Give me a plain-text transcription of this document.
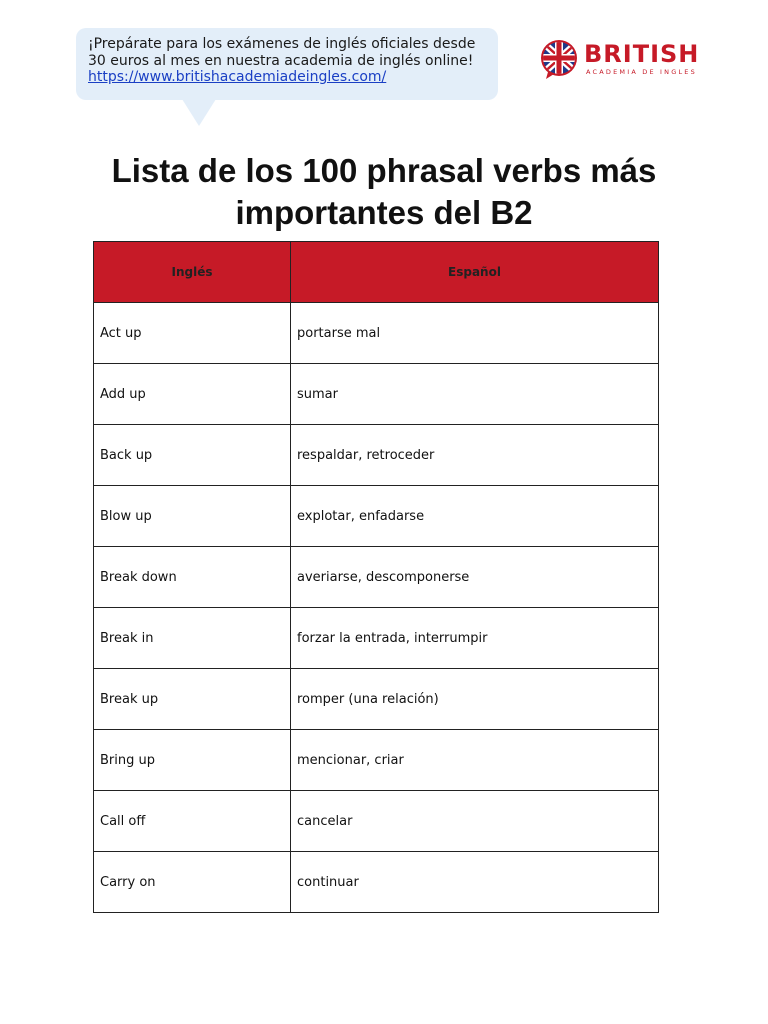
¡Prepárate para los exámenes de inglés oficiales desde
30 euros al mes en nuestra academia de inglés online!
https://www.britishacademiadeingles.com/
BRITISH
ACADEMIA DE INGLES
Lista de los 100 phrasal verbs más
importantes del B2
Inglés	Español
Act up	portarse mal
Add up	sumar
Back up	respaldar, retroceder
Blow up	explotar, enfadarse
Break down	averiarse, descomponerse
Break in	forzar la entrada, interrumpir
Break up	romper (una relación)
Bring up	mencionar, criar
Call off	cancelar
Carry on	continuar
